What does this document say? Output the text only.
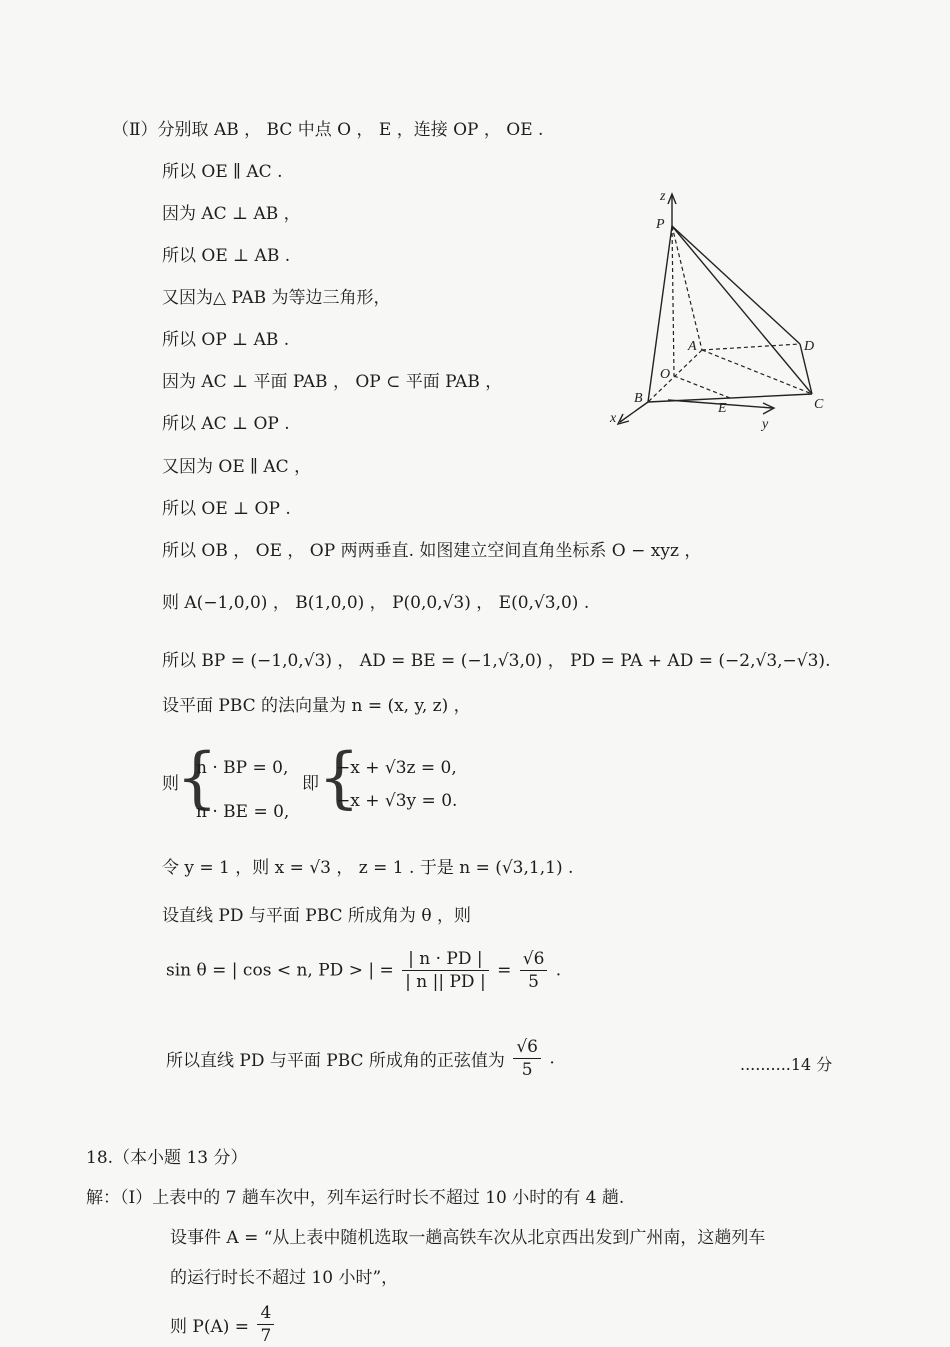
（Ⅱ）分别取 AB ， BC 中点 O ， E ，连接 OP ， OE .
所以 OE ∥ AC .
因为 AC ⊥ AB ，
所以 OE ⊥ AB .
又因为△ PAB 为等边三角形，
所以 OP ⊥ AB .
因为 AC ⊥ 平面 PAB ， OP ⊂ 平面 PAB ，
所以 AC ⊥ OP .
又因为 OE ∥ AC ，
所以 OE ⊥ OP .
所以 OB ， OE ， OP 两两垂直. 如图建立空间直角坐标系 O − xyz ，
则 A(−1,0,0) ， B(1,0,0) ， P(0,0,√3) ， E(0,√3,0) .
所以 BP = (−1,0,√3) ， AD = BE = (−1,√3,0) ， PD = PA + AD = (−2,√3,−√3).
设平面 PBC 的法向量为 n = (x, y, z) ，
则
{
n · BP = 0,
n · BE = 0,
即 {
−x + √3z = 0,
−x + √3y = 0.
令 y = 1 ，则 x = √3 ， z = 1 . 于是 n = (√3,1,1) .
设直线 PD 与平面 PBC 所成角为 θ ，则
sin θ = | cos < n, PD > | = $\frac{| n \cdot PD |}{| n || PD |} = \frac{√6}{5}$ .
所以直线 PD 与平面 PBC 所成角的正弦值为 $\frac{√6}{5}$ .	..........14 分
18.（本小题 13 分）
解：（Ⅰ）上表中的 7 趟车次中，列车运行时长不超过 10 小时的有 4 趟.
设事件 A = “从上表中随机选取一趟高铁车次从北京西出发到广州南，这趟列车
的运行时长不超过 10 小时”，
则 $P(A) = \frac{4}{7}$
z
P
D
A
O
B
E	C
x	y
